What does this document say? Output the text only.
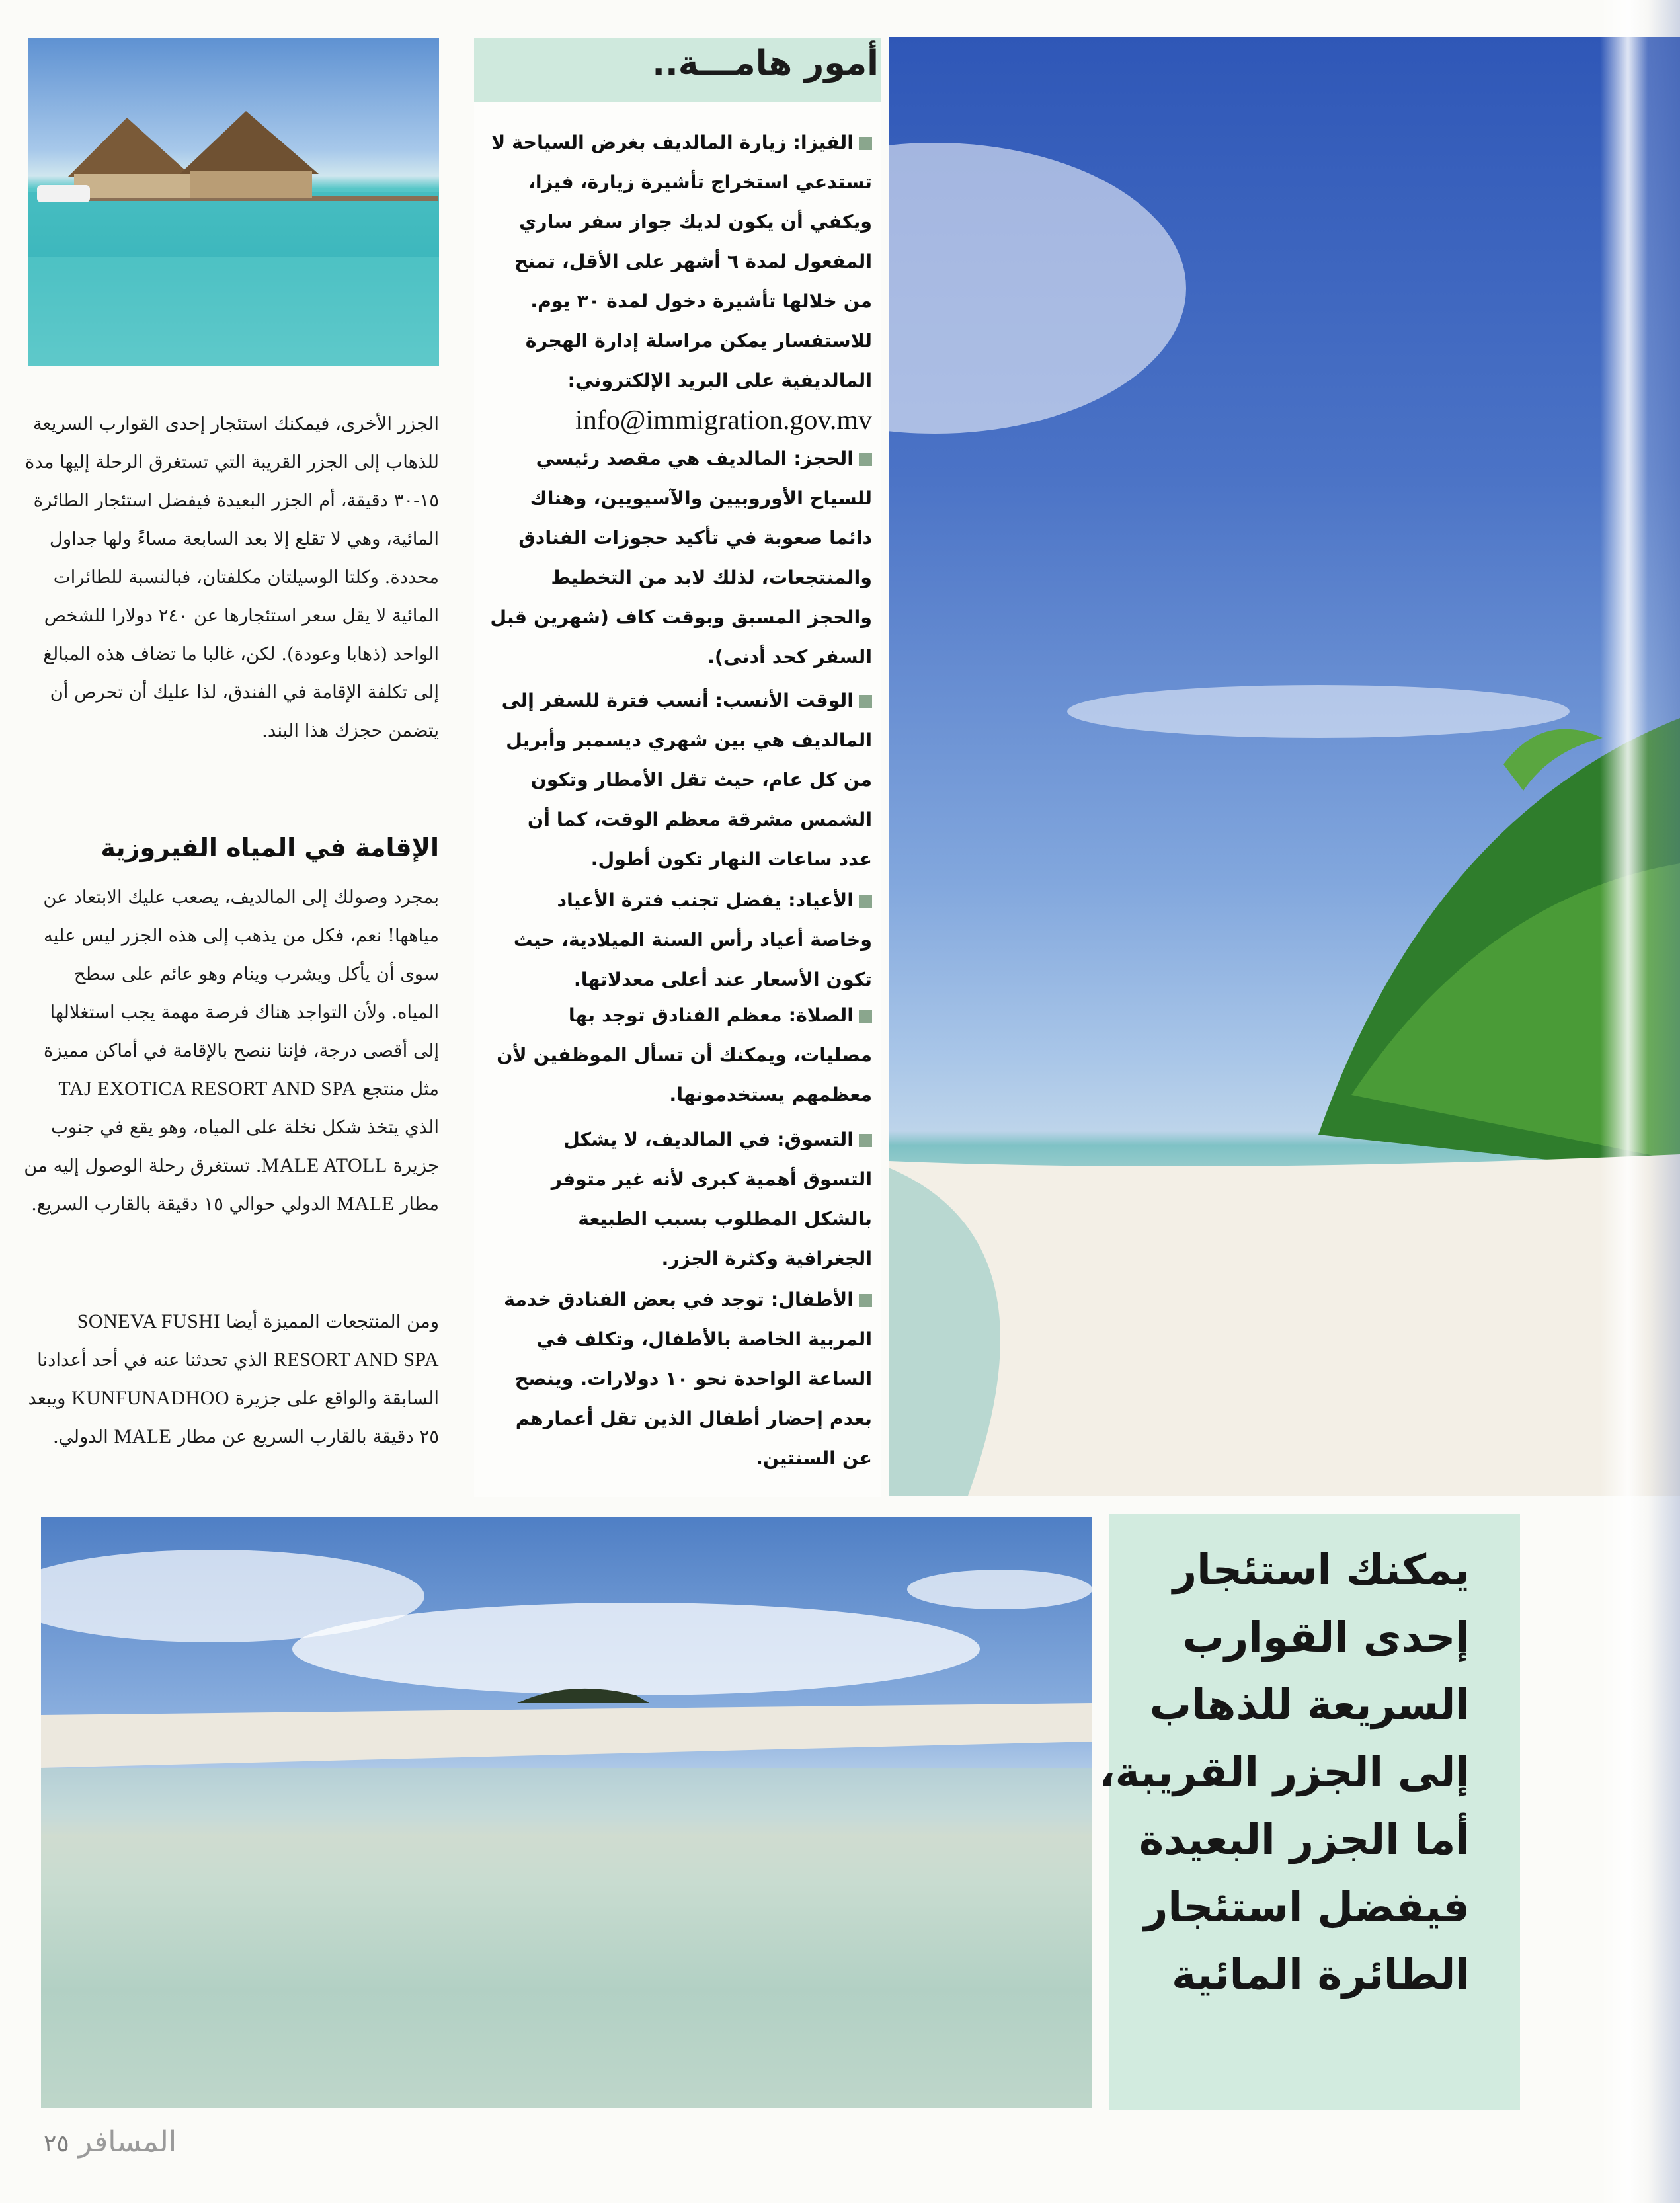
أمور هامـــة..
الفيزا: زيارة المالديف بغرض السياحة لا تستدعي استخراج تأشيرة زيارة، فيزا، ويكفي أن يكون لديك جواز سفر ساري المفعول لمدة ٦ أشهر على الأقل، تمنح من خلالها تأشيرة دخول لمدة ٣٠ يوم. للاستفسار يمكن مراسلة إدارة الهجرة المالديفية على البريد الإلكتروني:
info@immigration.gov.mv
الحجز: المالديف هي مقصد رئيسي للسياح الأوروبيين والآسيويين، وهناك دائما صعوبة في تأكيد حجوزات الفنادق والمنتجعات، لذلك لابد من التخطيط والحجز المسبق وبوقت كاف (شهرين قبل السفر كحد أدنى).
الوقت الأنسب: أنسب فترة للسفر إلى المالديف هي بين شهري ديسمبر وأبريل من كل عام، حيث تقل الأمطار وتكون الشمس مشرقة معظم الوقت، كما أن عدد ساعات النهار تكون أطول.
الأعياد: يفضل تجنب فترة الأعياد وخاصة أعياد رأس السنة الميلادية، حيث تكون الأسعار عند أعلى معدلاتها.
الصلاة: معظم الفنادق توجد بها مصليات، ويمكنك أن تسأل الموظفين لأن معظمهم يستخدمونها.
التسوق: في المالديف، لا يشكل التسوق أهمية كبرى لأنه غير متوفر بالشكل المطلوب بسبب الطبيعة الجغرافية وكثرة الجزر.
الأطفال: توجد في بعض الفنادق خدمة المربية الخاصة بالأطفال، وتكلف في الساعة الواحدة نحو ١٠ دولارات. وينصح بعدم إحضار أطفال الذين تقل أعمارهم عن السنتين.
الجزر الأخرى، فيمكنك استئجار إحدى القوارب السريعة للذهاب إلى الجزر القريبة التي تستغرق الرحلة إليها مدة ١٥-٣٠ دقيقة، أم الجزر البعيدة فيفضل استئجار الطائرة المائية، وهي لا تقلع إلا بعد السابعة مساءً ولها جداول محددة. وكلتا الوسيلتان مكلفتان، فبالنسبة للطائرات المائية لا يقل سعر استئجارها عن ٢٤٠ دولارا للشخص الواحد (ذهابا وعودة). لكن، غالبا ما تضاف هذه المبالغ إلى تكلفة الإقامة في الفندق، لذا عليك أن تحرص أن يتضمن حجزك هذا البند.
الإقامة في المياه الفيروزية
بمجرد وصولك إلى المالديف، يصعب عليك الابتعاد عن مياهها! نعم، فكل من يذهب إلى هذه الجزر ليس عليه سوى أن يأكل ويشرب وينام وهو عائم على سطح المياه. ولأن التواجد هناك فرصة مهمة يجب استغلالها إلى أقصى درجة، فإننا ننصح بالإقامة في أماكن مميزة مثل منتجع TAJ EXOTICA RESORT AND SPA الذي يتخذ شكل نخلة على المياه، وهو يقع في جنوب جزيرة MALE ATOLL. تستغرق رحلة الوصول إليه من مطار MALE الدولي حوالي ١٥ دقيقة بالقارب السريع.
ومن المنتجعات المميزة أيضا SONEVA FUSHI RESORT AND SPA الذي تحدثنا عنه في أحد أعدادنا السابقة والواقع على جزيرة KUNFUNADHOO ويبعد ٢٥ دقيقة بالقارب السريع عن مطار MALE الدولي.
يمكنك استئجار
إحدى القوارب
السريعة للذهاب
إلى الجزر القريبة،
أما الجزر البعيدة
فيفضل استئجار
الطائرة المائية
٢٥ المسافر
